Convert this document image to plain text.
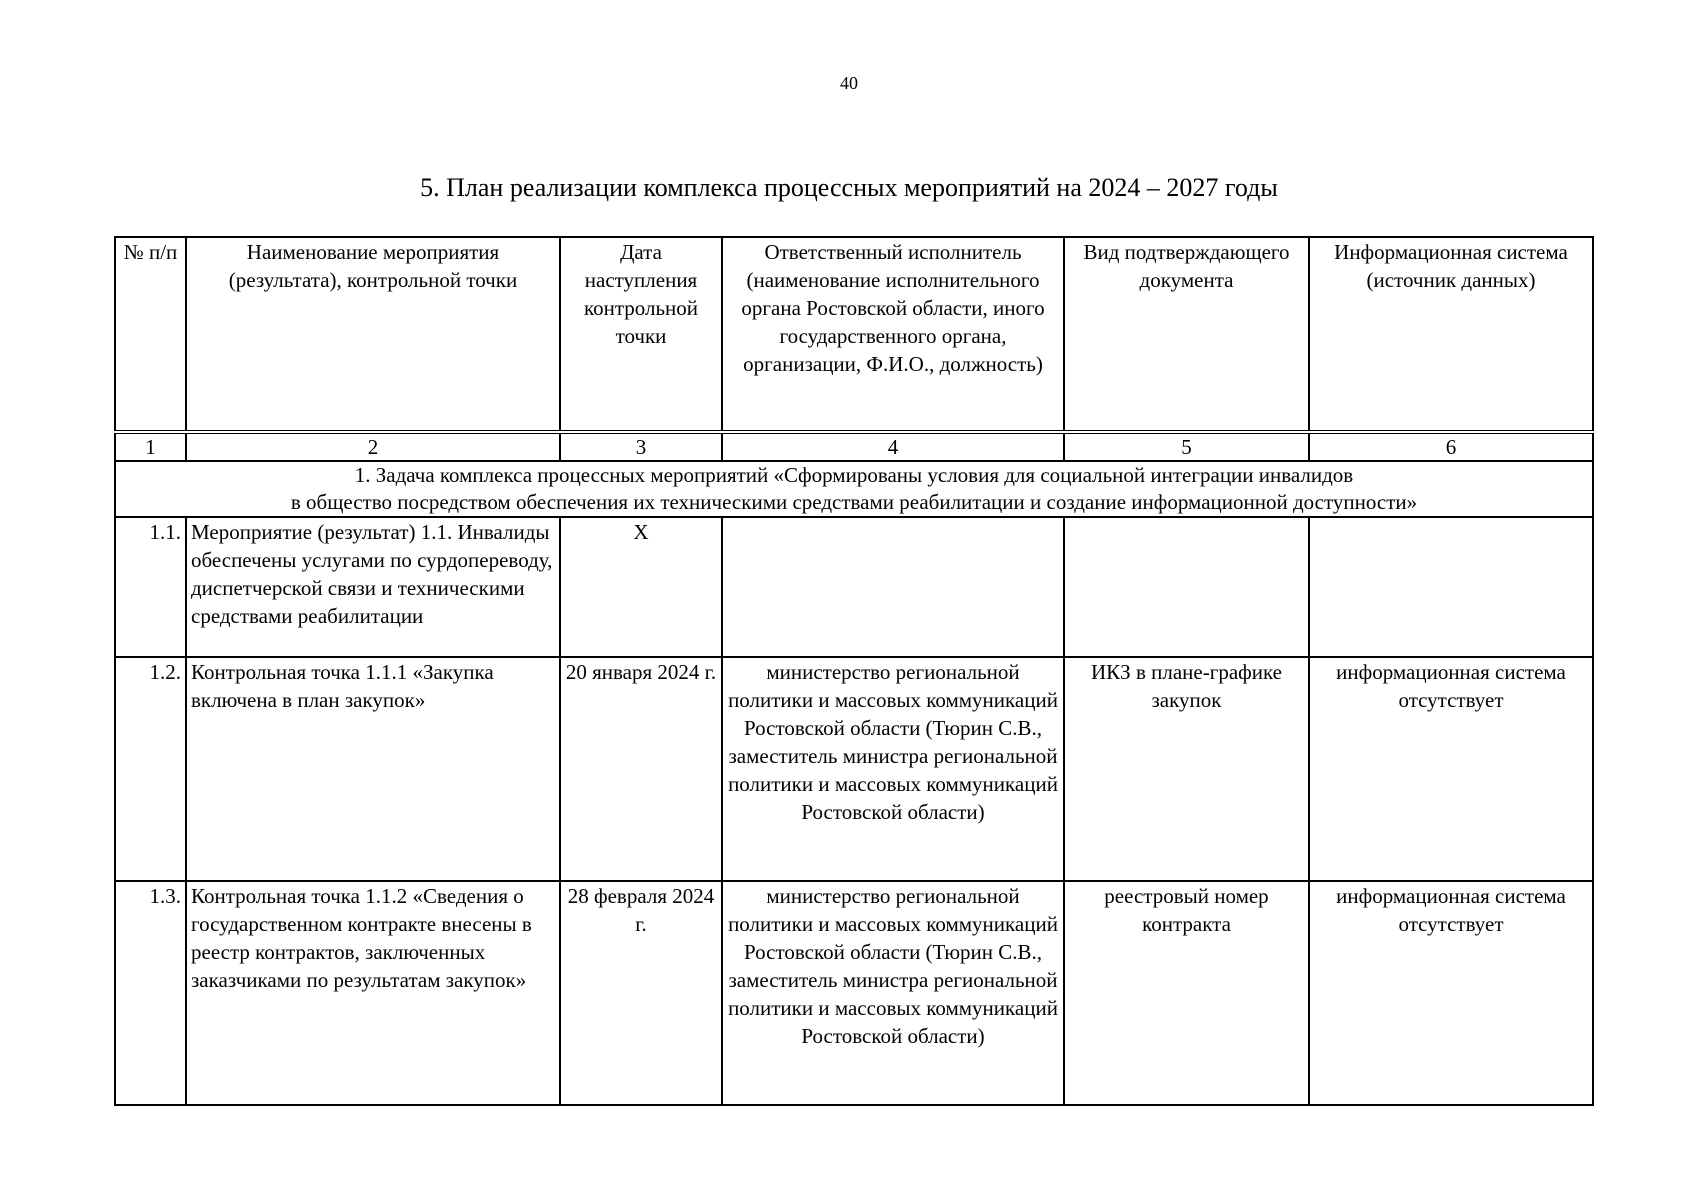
40
5. План реализации комплекса процессных мероприятий на 2024 – 2027 годы
№ п/п	Наименование мероприятия (результата), контрольной точки	Дата наступления контрольной точки	Ответственный исполнитель (наименование исполнительного органа Ростовской области, иного государственного органа, организации, Ф.И.О., должность)	Вид подтверждающего документа	Информационная система (источник данных)
1	2	3	4	5	6

1. Задача комплекса процессных мероприятий «Сформированы условия для социальной интеграции инвалидов
в общество посредством обеспечения их техническими средствами реабилитации и создание информационной доступности»					

1.1.	Мероприятие (результат) 1.1. Инвалиды обеспечены услугами по сурдопереводу, диспетчерской связи и техническими средствами реабилитации	X			
1.2.	Контрольная точка 1.1.1 «Закупка включена в план закупок»	20 января 2024 г.	министерство региональной политики и массовых коммуникаций Ростовской области (Тюрин С.В., заместитель министра региональной политики и массовых коммуникаций Ростовской области)	ИКЗ в плане-графике закупок	информационная система отсутствует
1.3.	Контрольная точка 1.1.2 «Сведения о государственном контракте внесены в реестр контрактов, заключенных заказчиками по результатам закупок»	28 февраля 2024 г.	министерство региональной политики и массовых коммуникаций Ростовской области (Тюрин С.В., заместитель министра региональной политики и массовых коммуникаций Ростовской области)	реестровый номер контракта	информационная система отсутствует
